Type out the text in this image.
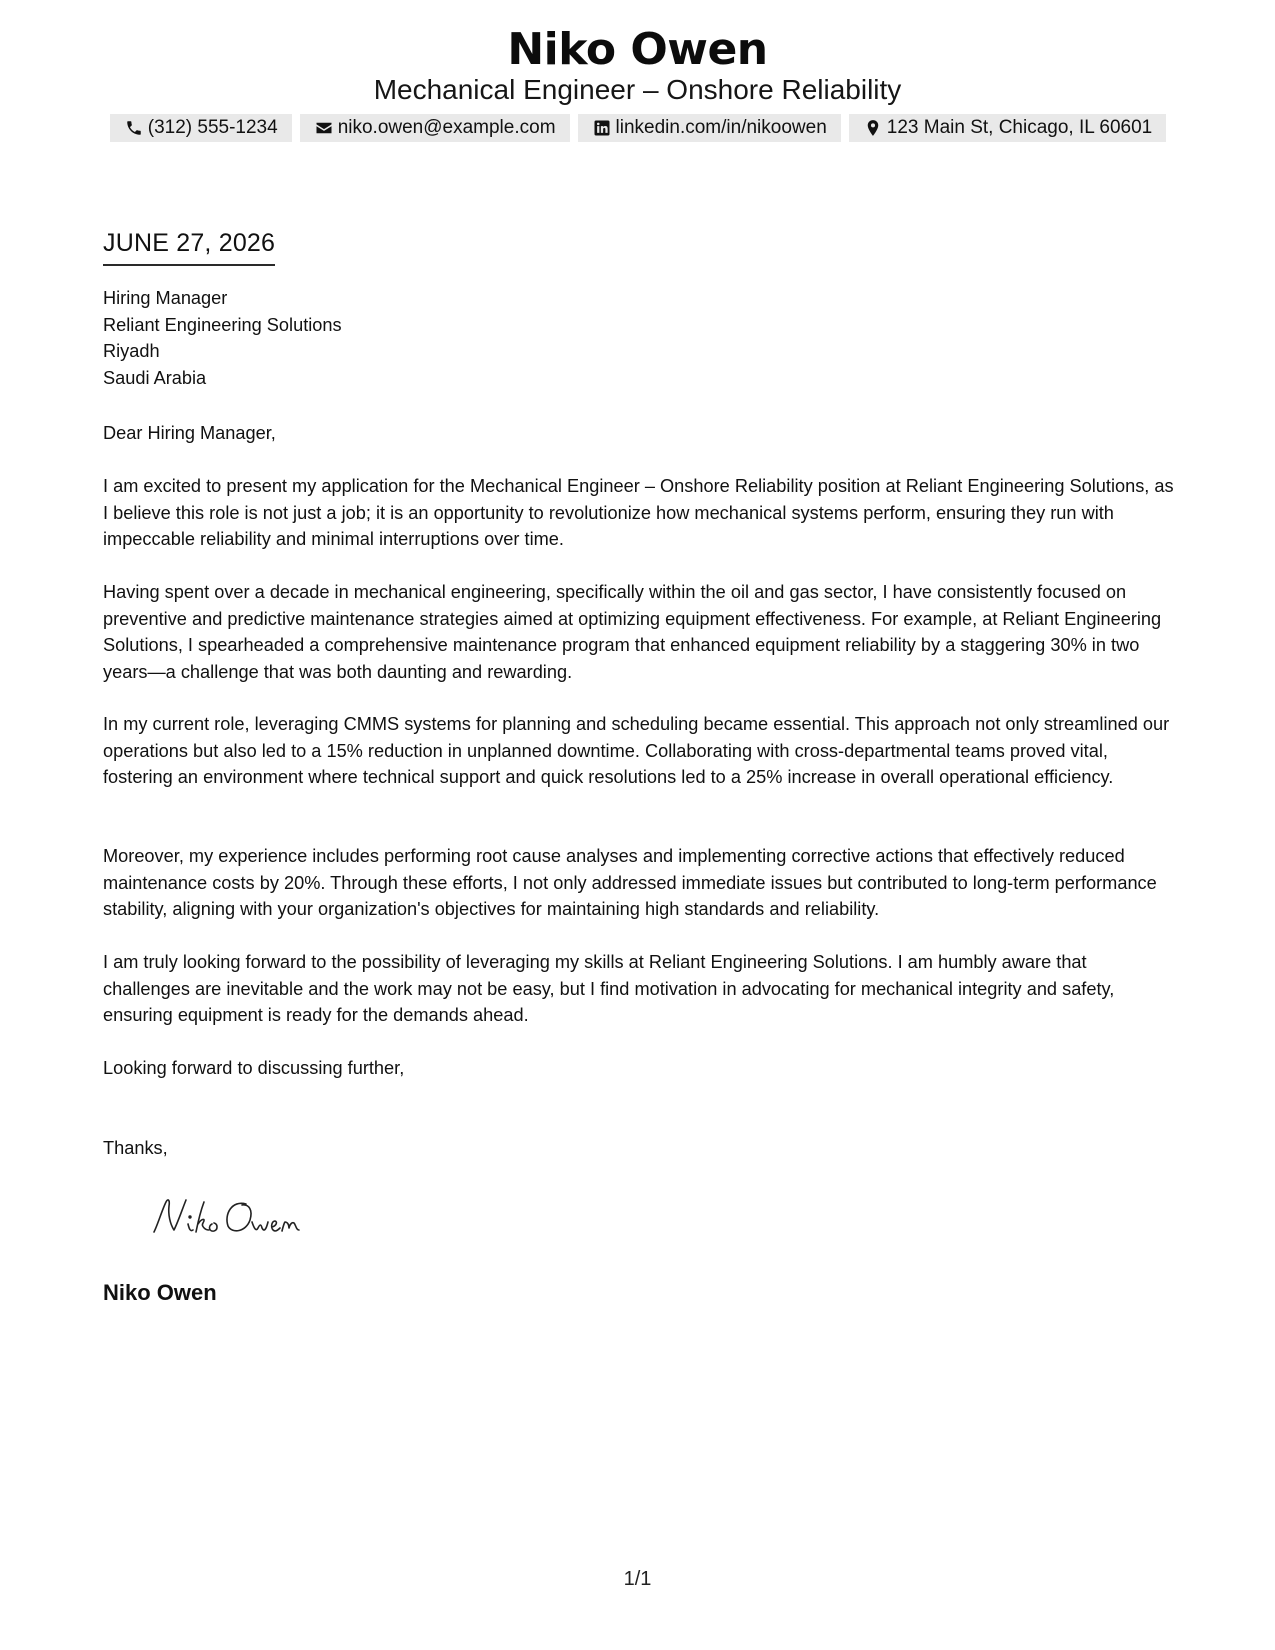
Niko Owen
Mechanical Engineer – Onshore Reliability
(312) 555-1234	niko.owen@example.com	linkedin.com/in/nikoowen	123 Main St, Chicago, IL 60601
JUNE 27, 2026
Hiring Manager
Reliant Engineering Solutions
Riyadh
Saudi Arabia
Dear Hiring Manager,
I am excited to present my application for the Mechanical Engineer – Onshore Reliability position at Reliant Engineering Solutions, as I believe this role is not just a job; it is an opportunity to revolutionize how mechanical systems perform, ensuring they run with impeccable reliability and minimal interruptions over time.
Having spent over a decade in mechanical engineering, specifically within the oil and gas sector, I have consistently focused on preventive and predictive maintenance strategies aimed at optimizing equipment effectiveness. For example, at Reliant Engineering Solutions, I spearheaded a comprehensive maintenance program that enhanced equipment reliability by a staggering 30% in two years—a challenge that was both daunting and rewarding.
In my current role, leveraging CMMS systems for planning and scheduling became essential. This approach not only streamlined our operations but also led to a 15% reduction in unplanned downtime. Collaborating with cross-departmental teams proved vital, fostering an environment where technical support and quick resolutions led to a 25% increase in overall operational efficiency.
Moreover, my experience includes performing root cause analyses and implementing corrective actions that effectively reduced maintenance costs by 20%. Through these efforts, I not only addressed immediate issues but contributed to long-term performance stability, aligning with your organization's objectives for maintaining high standards and reliability.
I am truly looking forward to the possibility of leveraging my skills at Reliant Engineering Solutions. I am humbly aware that challenges are inevitable and the work may not be easy, but I find motivation in advocating for mechanical integrity and safety, ensuring equipment is ready for the demands ahead.
Looking forward to discussing further,
Thanks,
Niko Owen
1/1
